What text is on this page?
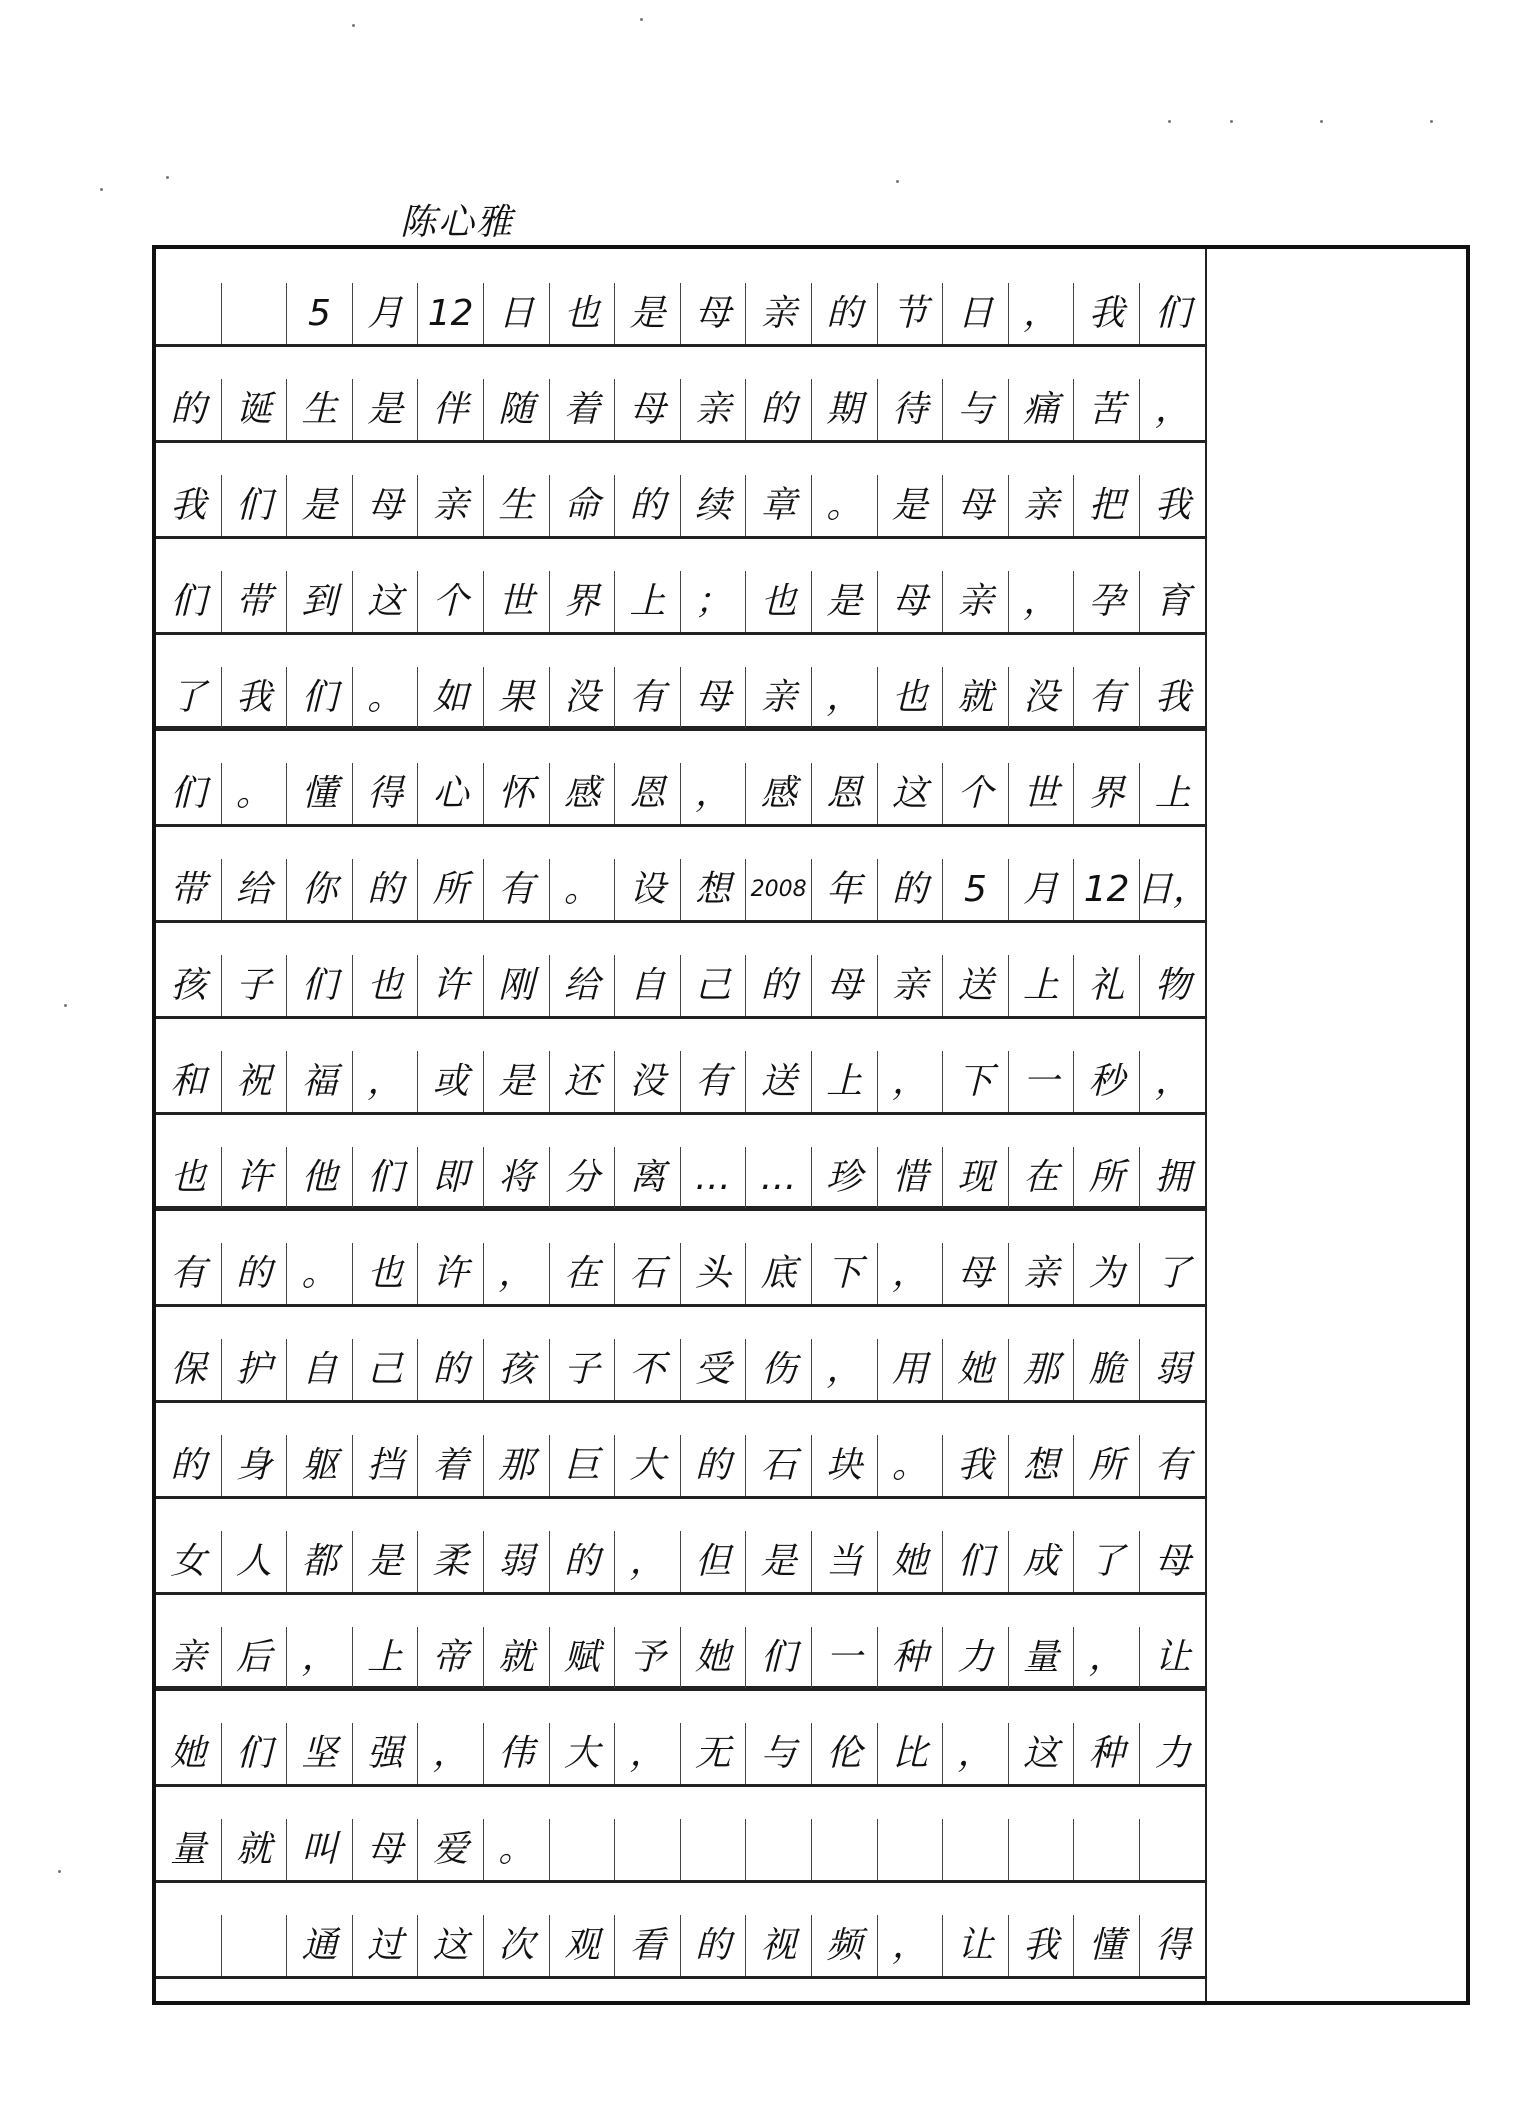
陈心雅
5	月 12 日 也 是 母 亲 的 节 日 ， 我 们
的 诞 生 是 伴 随 着 母 亲 的 期 待 与 痛 苦 ，
我 们 是 母 亲 生 命 的 续 章 。 是 母 亲 把 我
们 带 到 这 个 世 界 上 ； 也 是 母 亲 ， 孕 育
了 我 们 。 如 果 没 有 母 亲 ， 也 就 没 有 我
们 。 懂 得 心 怀 感 恩 ， 感 恩 这 个 世 界 上
带 给 你 的 所 有 。 设 想 2008 年 的	5	月 12 日，
孩 子 们 也 许 刚 给 自 己 的 母 亲 送 上 礼 物
和 祝 福 ， 或 是 还 没 有 送 上 ， 下 一 秒 ，
也 许 他 们 即 将 分 离 … … 珍 惜 现 在 所 拥
有 的 。 也 许 ， 在 石 头 底 下 ， 母 亲 为 了
保 护 自 己 的 孩 子 不 受 伤 ， 用 她 那 脆 弱
的 身 躯 挡 着 那 巨 大 的 石 块 。 我 想 所 有
女 人 都 是 柔 弱 的 ， 但 是 当 她 们 成 了 母
亲 后 ， 上 帝 就 赋 予 她 们 一 种 力 量 ， 让
她 们 坚 强 ， 伟 大 ， 无 与 伦 比 ， 这 种 力
量 就 叫 母 爱 。
通 过 这 次 观 看 的 视 频 ， 让 我 懂 得
